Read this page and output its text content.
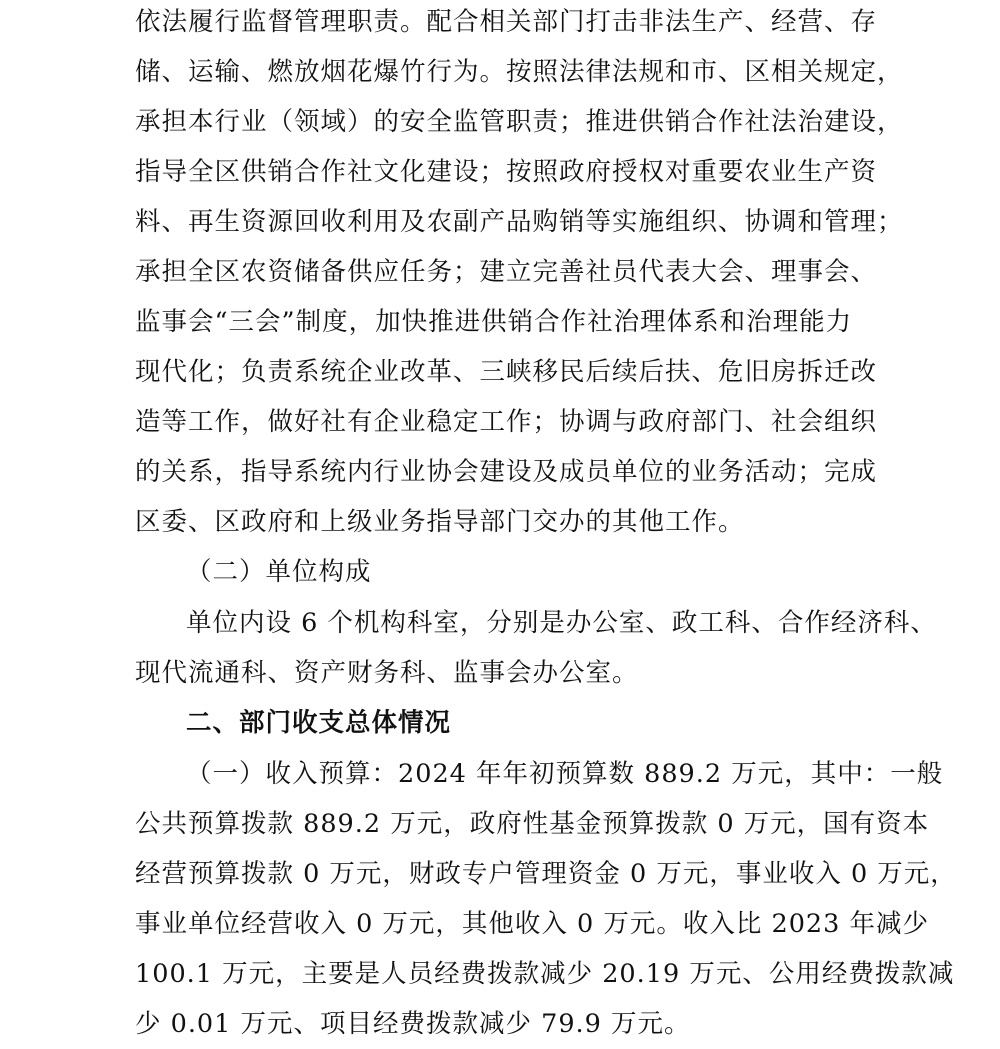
依法履行监督管理职责。配合相关部门打击非法生产、经营、存
储、运输、燃放烟花爆竹行为。按照法律法规和市、区相关规定，
承担本行业（领域）的安全监管职责；推进供销合作社法治建设，
指导全区供销合作社文化建设；按照政府授权对重要农业生产资
料、再生资源回收利用及农副产品购销等实施组织、协调和管理；
承担全区农资储备供应任务；建立完善社员代表大会、理事会、
监事会“三会”制度，加快推进供销合作社治理体系和治理能力
现代化；负责系统企业改革、三峡移民后续后扶、危旧房拆迁改
造等工作，做好社有企业稳定工作；协调与政府部门、社会组织
的关系，指导系统内行业协会建设及成员单位的业务活动；完成
区委、区政府和上级业务指导部门交办的其他工作。
（二）单位构成
单位内设 6 个机构科室，分别是办公室、政工科、合作经济科、
现代流通科、资产财务科、监事会办公室。
二、部门收支总体情况
（一）收入预算：2024 年年初预算数 889.2 万元，其中：一般
公共预算拨款 889.2 万元，政府性基金预算拨款 0 万元，国有资本
经营预算拨款 0 万元，财政专户管理资金 0 万元，事业收入 0 万元，
事业单位经营收入 0 万元，其他收入 0 万元。收入比 2023 年减少
100.1 万元，主要是人员经费拨款减少 20.19 万元、公用经费拨款减
少 0.01 万元、项目经费拨款减少 79.9 万元。
